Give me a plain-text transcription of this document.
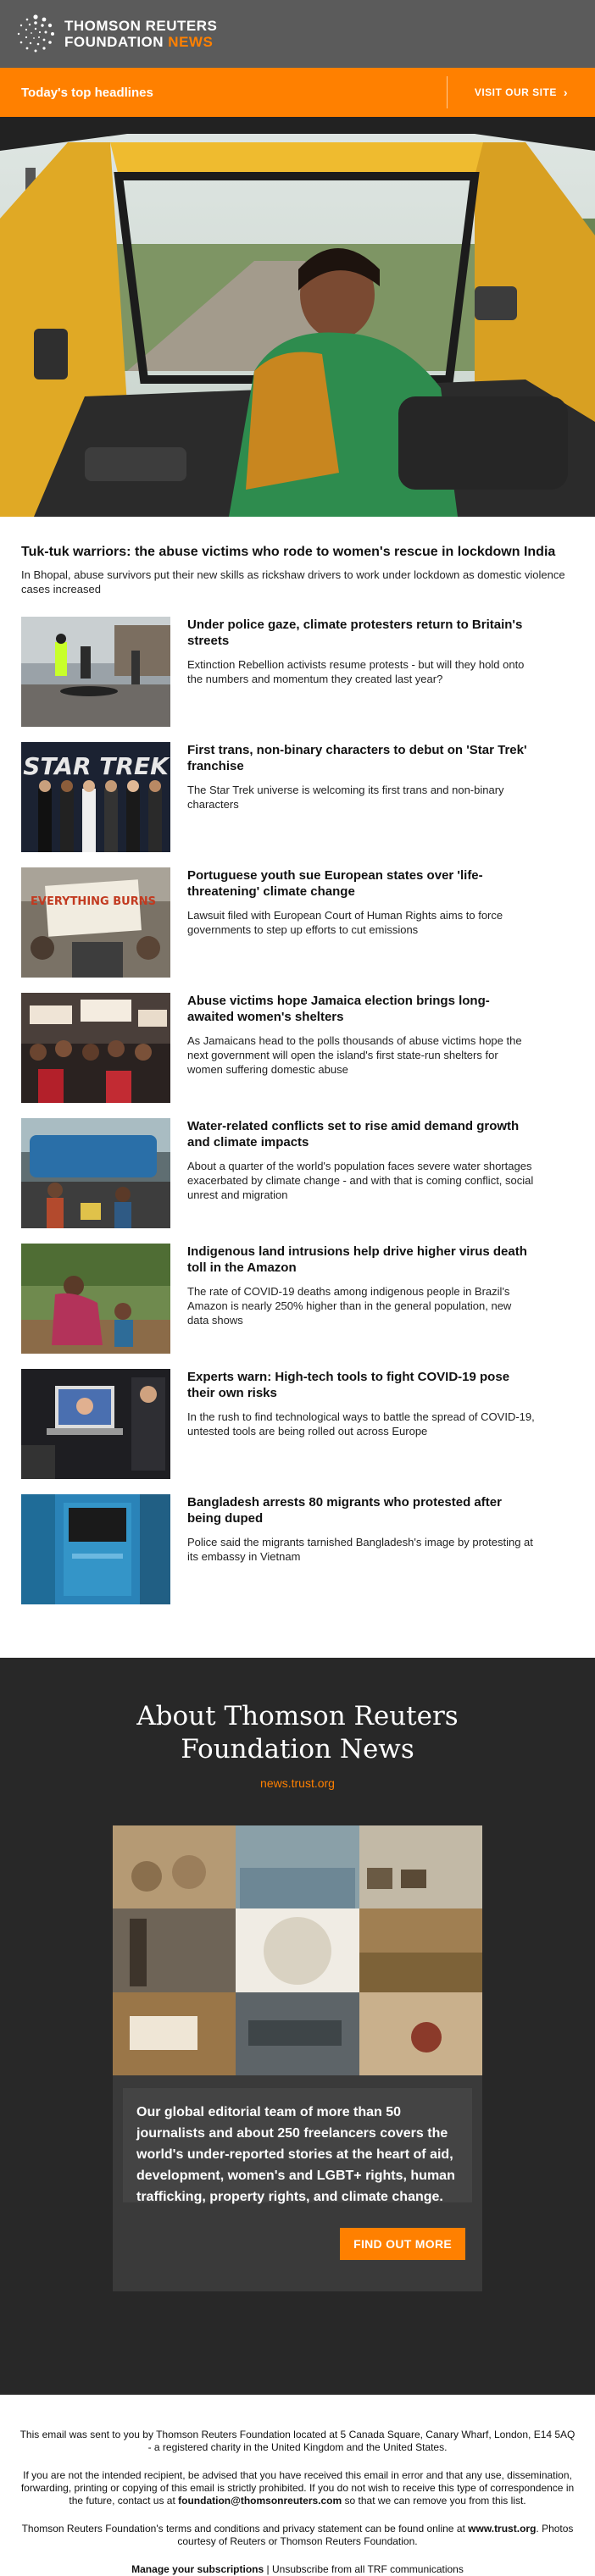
THOMSON REUTERS
FOUNDATION NEWS
Today's top headlines	VISIT OUR SITE ›
Tuk-tuk warriors: the abuse victims who rode to women's rescue in lockdown India

In Bhopal, abuse survivors put their new skills as rickshaw drivers to work under lockdown as domestic violence cases increased

Under police gaze, climate protesters return to Britain's streets

Extinction Rebellion activists resume protests - but will they hold onto the numbers and momentum they created last year?

STAR TREK
First trans, non-binary characters to debut on 'Star Trek' franchise

The Star Trek universe is welcoming its first trans and non-binary characters

EVERYTHING BURNS
Portuguese youth sue European states over 'life-threatening' climate change

Lawsuit filed with European Court of Human Rights aims to force governments to step up efforts to cut emissions

Abuse victims hope Jamaica election brings long-awaited women's shelters

As Jamaicans head to the polls thousands of abuse victims hope the next government will open the island's first state-run shelters for women suffering domestic abuse

Water-related conflicts set to rise amid demand growth and climate impacts

About a quarter of the world's population faces severe water shortages exacerbated by climate change - and with that is coming conflict, social unrest and migration

Indigenous land intrusions help drive higher virus death toll in the Amazon

The rate of COVID-19 deaths among indigenous people in Brazil's Amazon is nearly 250% higher than in the general population, new data shows

Experts warn: High-tech tools to fight COVID-19 pose their own risks

In the rush to find technological ways to battle the spread of COVID-19, untested tools are being rolled out across Europe

Bangladesh arrests 80 migrants who protested after being duped

Police said the migrants tarnished Bangladesh's image by protesting at its embassy in Vietnam

About Thomson Reuters
Foundation News
news.trust.org
Our global editorial team of more than 50 journalists and about 250 freelancers covers the world's under-reported stories at the heart of aid, development, women's and LGBT+ rights, human trafficking, property rights, and climate change.
FIND OUT MORE

This email was sent to you by Thomson Reuters Foundation located at 5 Canada Square, Canary Wharf, London, E14 5AQ - a registered charity in the United Kingdom and the United States.

If you are not the intended recipient, be advised that you have received this email in error and that any use, dissemination, forwarding, printing or copying of this email is strictly prohibited. If you do not wish to receive this type of correspondence in the future, contact us at foundation@thomsonreuters.com so that we can remove you from this list.

Thomson Reuters Foundation's terms and conditions and privacy statement can be found online at www.trust.org. Photos courtesy of Reuters or Thomson Reuters Foundation.

Manage your subscriptions | Unsubscribe from all TRF communications
